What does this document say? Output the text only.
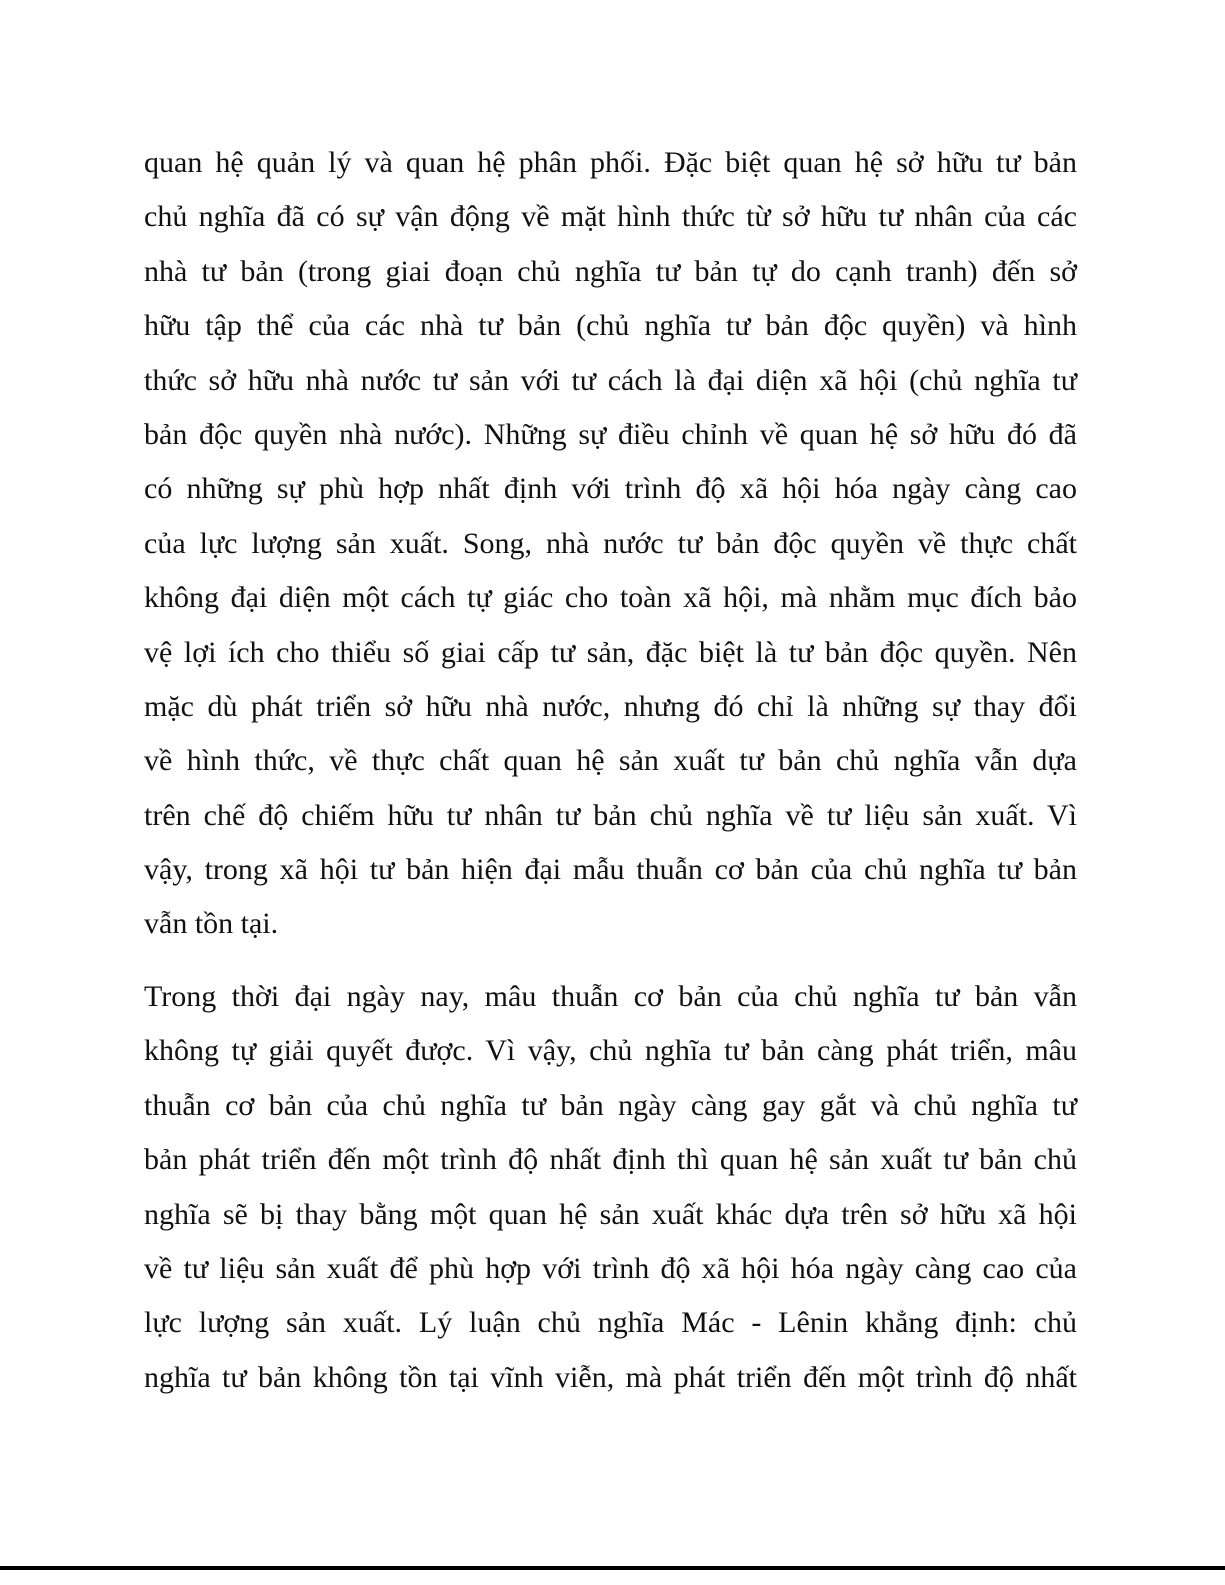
quan hệ quản lý và quan hệ phân phối. Đặc biệt quan hệ sở hữu tư bản
chủ nghĩa đã có sự vận động về mặt hình thức từ sở hữu tư nhân của các
nhà tư bản (trong giai đoạn chủ nghĩa tư bản tự do cạnh tranh) đến sở
hữu tập thể của các nhà tư bản (chủ nghĩa tư bản độc quyền) và hình
thức sở hữu nhà nước tư sản với tư cách là đại diện xã hội (chủ nghĩa tư
bản độc quyền nhà nước). Những sự điều chỉnh về quan hệ sở hữu đó đã
có những sự phù hợp nhất định với trình độ xã hội hóa ngày càng cao
của lực lượng sản xuất. Song, nhà nước tư bản độc quyền về thực chất
không đại diện một cách tự giác cho toàn xã hội, mà nhằm mục đích bảo
vệ lợi ích cho thiểu số giai cấp tư sản, đặc biệt là tư bản độc quyền. Nên
mặc dù phát triển sở hữu nhà nước, nhưng đó chỉ là những sự thay đổi
về hình thức, về thực chất quan hệ sản xuất tư bản chủ nghĩa vẫn dựa
trên chế độ chiếm hữu tư nhân tư bản chủ nghĩa về tư liệu sản xuất. Vì
vậy, trong xã hội tư bản hiện đại mẫu thuẫn cơ bản của chủ nghĩa tư bản
vẫn tồn tại.
Trong thời đại ngày nay, mâu thuẫn cơ bản của chủ nghĩa tư bản vẫn
không tự giải quyết được. Vì vậy, chủ nghĩa tư bản càng phát triển, mâu
thuẫn cơ bản của chủ nghĩa tư bản ngày càng gay gắt và chủ nghĩa tư
bản phát triển đến một trình độ nhất định thì quan hệ sản xuất tư bản chủ
nghĩa sẽ bị thay bằng một quan hệ sản xuất khác dựa trên sở hữu xã hội
về tư liệu sản xuất để phù hợp với trình độ xã hội hóa ngày càng cao của
lực lượng sản xuất. Lý luận chủ nghĩa Mác - Lênin khẳng định: chủ
nghĩa tư bản không tồn tại vĩnh viễn, mà phát triển đến một trình độ nhất
